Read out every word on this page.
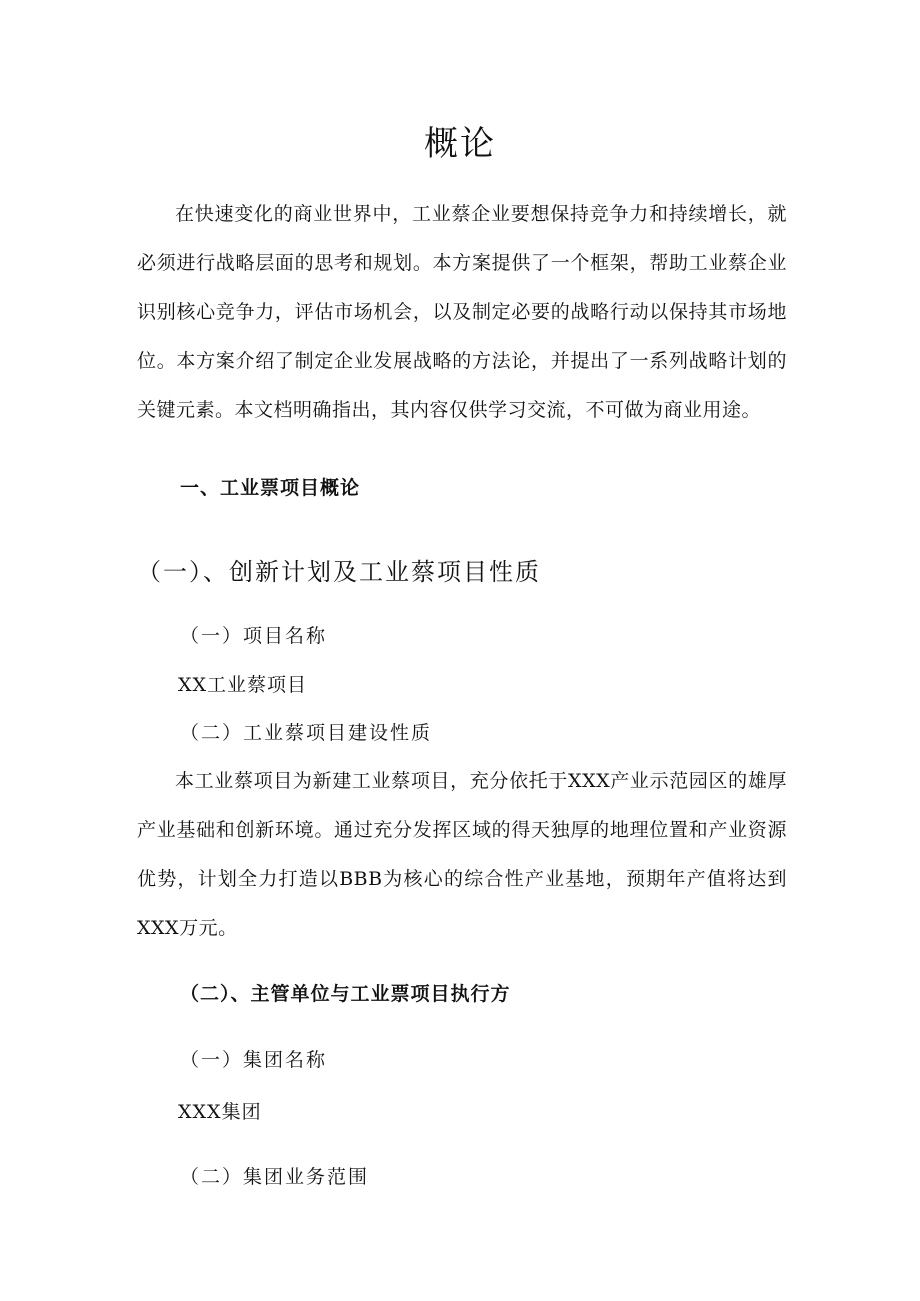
概论

在快速变化的商业世界中，工业蔡企业要想保持竞争力和持续增长，就必须进行战略层面的思考和规划。本方案提供了一个框架，帮助工业蔡企业识别核心竞争力，评估市场机会，以及制定必要的战略行动以保持其市场地位。本方案介绍了制定企业发展战略的方法论，并提出了一系列战略计划的关键元素。本文档明确指出，其内容仅供学习交流，不可做为商业用途。

一、工业票项目概论
（一）、创新计划及工业蔡项目性质
（一）项目名称
XX工业蔡项目
（二）工业蔡项目建设性质

本工业蔡项目为新建工业蔡项目，充分依托于XXX产业示范园区的雄厚产业基础和创新环境。通过充分发挥区域的得天独厚的地理位置和产业资源优势，计划全力打造以BBB为核心的综合性产业基地，预期年产值将达到XXX万元。

（二）、主管单位与工业票项目执行方
（一）集团名称
XXX集团
（二）集团业务范围
